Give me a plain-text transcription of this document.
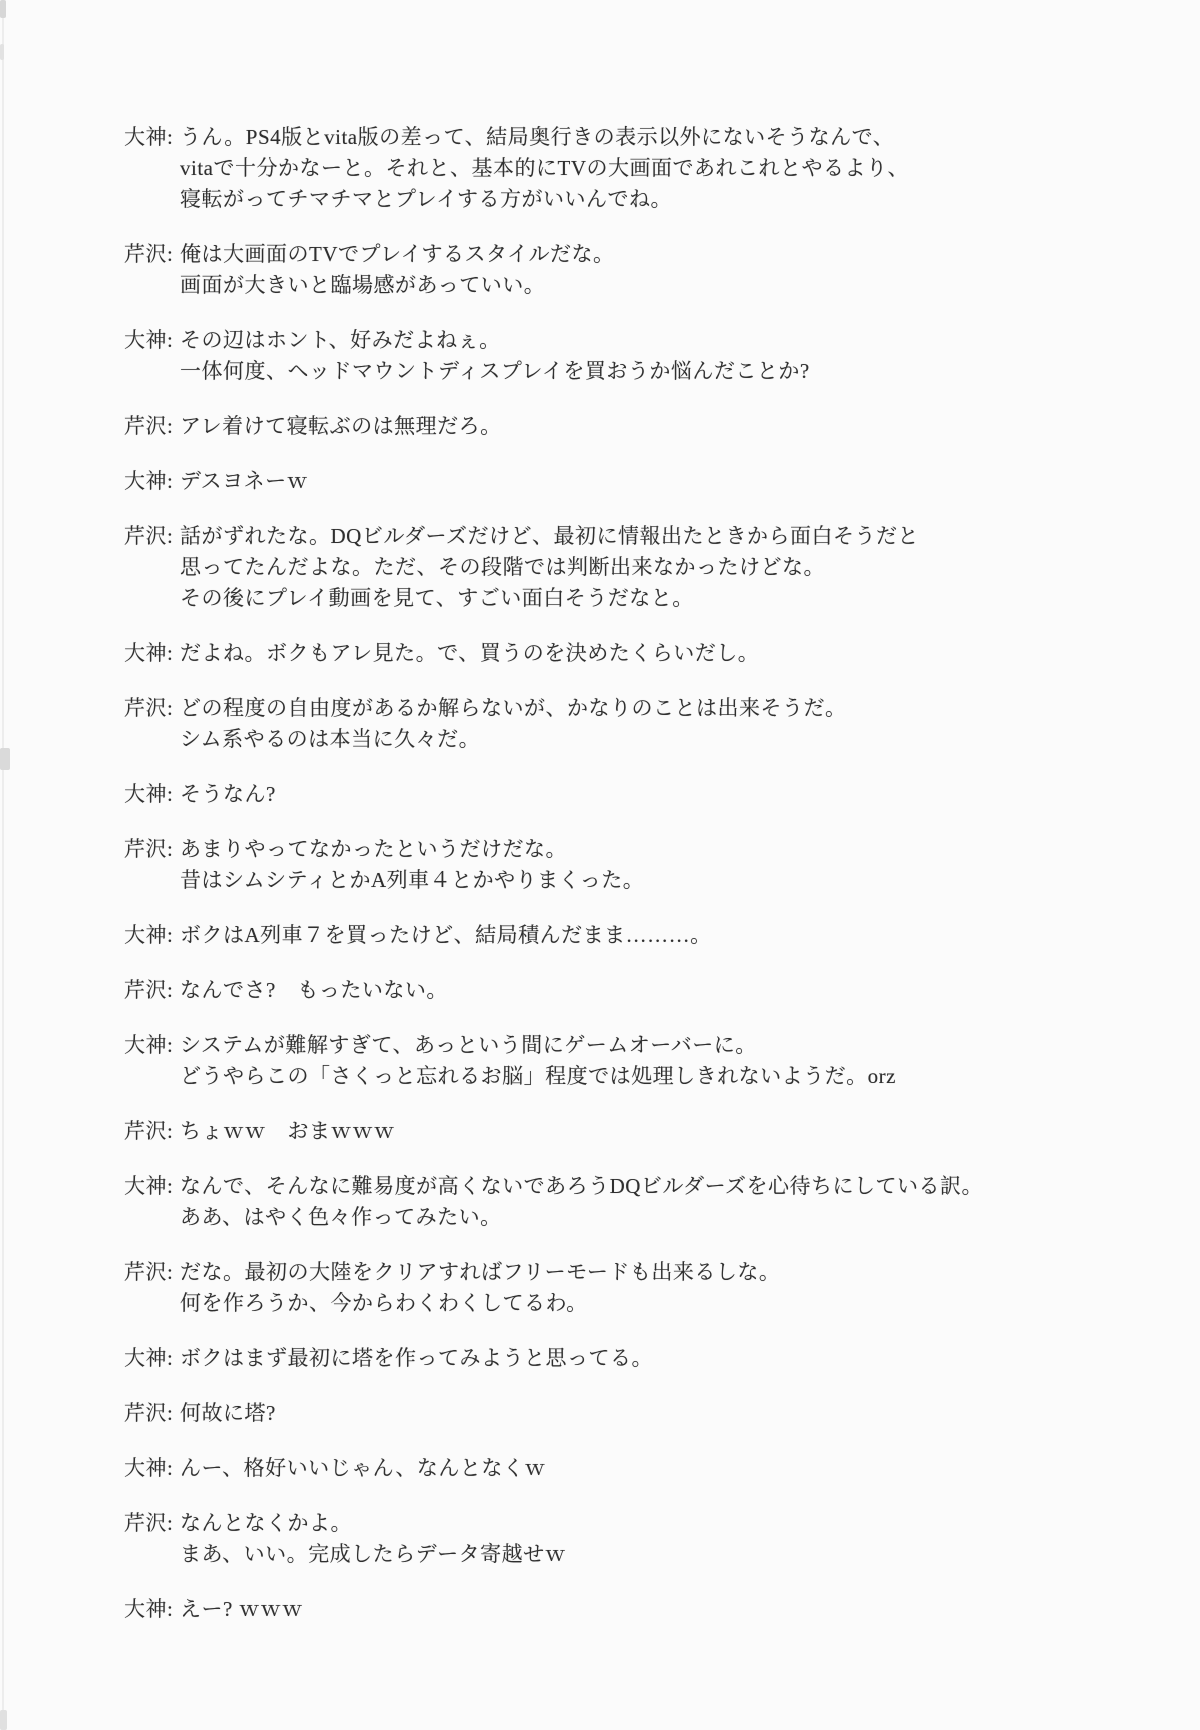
大神: うん。PS4版とvita版の差って、結局奥行きの表示以外にないそうなんで、
vitaで十分かなーと。それと、基本的にTVの大画面であれこれとやるより、
寝転がってチマチマとプレイする方がいいんでね。
芹沢: 俺は大画面のTVでプレイするスタイルだな。
画面が大きいと臨場感があっていい。
大神: その辺はホント、好みだよねぇ。
一体何度、ヘッドマウントディスプレイを買おうか悩んだことか?
芹沢: アレ着けて寝転ぶのは無理だろ。
大神: デスヨネーｗ
芹沢: 話がずれたな。DQビルダーズだけど、最初に情報出たときから面白そうだと
思ってたんだよな。ただ、その段階では判断出来なかったけどな。
その後にプレイ動画を見て、すごい面白そうだなと。
大神: だよね。ボクもアレ見た。で、買うのを決めたくらいだし。
芹沢: どの程度の自由度があるか解らないが、かなりのことは出来そうだ。
シム系やるのは本当に久々だ。
大神: そうなん?
芹沢: あまりやってなかったというだけだな。
昔はシムシティとかA列車４とかやりまくった。
大神: ボクはA列車７を買ったけど、結局積んだまま………。
芹沢: なんでさ?　もったいない。
大神: システムが難解すぎて、あっという間にゲームオーバーに。
どうやらこの「さくっと忘れるお脳」程度では処理しきれないようだ。orz
芹沢: ちょｗｗ　おまｗｗｗ
大神: なんで、そんなに難易度が高くないであろうDQビルダーズを心待ちにしている訳。
ああ、はやく色々作ってみたい。
芹沢: だな。最初の大陸をクリアすればフリーモードも出来るしな。
何を作ろうか、今からわくわくしてるわ。
大神: ボクはまず最初に塔を作ってみようと思ってる。
芹沢: 何故に塔?
大神: んー、格好いいじゃん、なんとなくｗ
芹沢: なんとなくかよ。
まあ、いい。完成したらデータ寄越せｗ
大神: えー? ｗｗｗ
